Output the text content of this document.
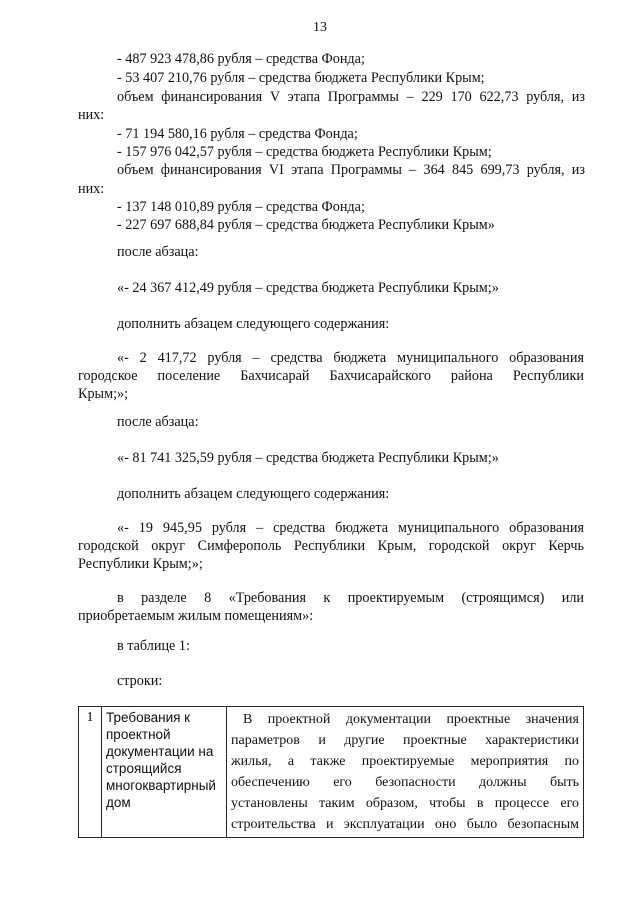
13
- 487 923 478,86 рубля – средства Фонда;
- 53 407 210,76 рубля – средства бюджета Республики Крым;
объем финансирования V этапа Программы – 229 170 622,73 рубля, из
них:
- 71 194 580,16 рубля – средства Фонда;
- 157 976 042,57 рубля – средства бюджета Республики Крым;
объем финансирования VI этапа Программы – 364 845 699,73 рубля, из
них:
- 137 148 010,89 рубля – средства Фонда;
- 227 697 688,84 рубля – средства бюджета Республики Крым»
после абзаца:
«- 24 367 412,49 рубля – средства бюджета Республики Крым;»
дополнить абзацем следующего содержания:
«- 2 417,72 рубля – средства бюджета муниципального образования
городское поселение Бахчисарай Бахчисарайского района Республики
Крым;»;
после абзаца:
«- 81 741 325,59 рубля – средства бюджета Республики Крым;»
дополнить абзацем следующего содержания:
«- 19 945,95 рубля – средства бюджета муниципального образования
городской округ Симферополь Республики Крым, городской округ Керчь
Республики Крым;»;
в разделе 8 «Требования к проектируемым (строящимся) или
приобретаемым жилым помещениям»:
в таблице 1:
строки:
1	Требования к проектной документации на строящийся многоквартирный дом	
В проектной документации проектные значения
параметров и другие проектные характеристики
жилья, а также проектируемые мероприятия по
обеспечению его безопасности должны быть
установлены таким образом, чтобы в процессе его
строительства и эксплуатации оно было безопасным
